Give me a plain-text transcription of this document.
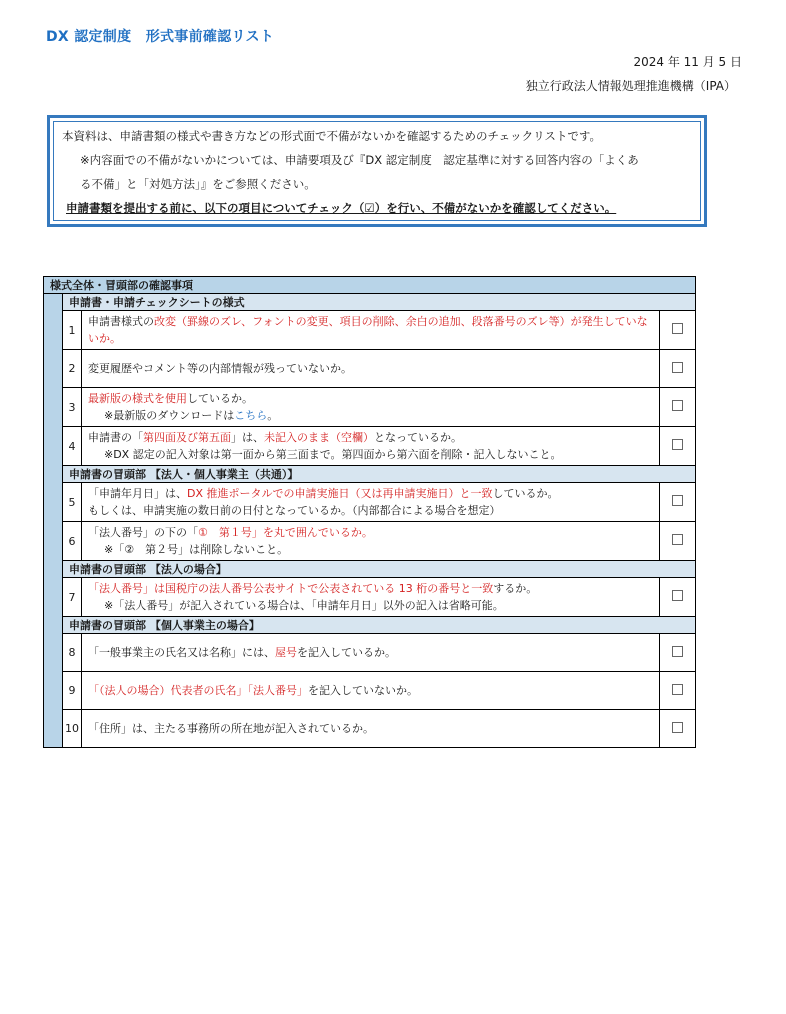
DX 認定制度　形式事前確認リスト
2024 年 11 月 5 日
独立行政法人情報処理推進機構（IPA）

本資料は、申請書類の様式や書き方などの形式面で不備がないかを確認するためのチェックリストです。

※内容面での不備がないかについては、申請要項及び『DX 認定制度　認定基準に対する回答内容の「よくあ

る不備」と「対処方法」』をご参照ください。

申請書類を提出する前に、以下の項目についてチェック（☑）を行い、不備がないかを確認してください。

様式全体・冒頭部の確認事項			
	申請書・申請チェックシートの様式		
	1	申請書様式の改変（罫線のズレ、フォントの変更、項目の削除、余白の追加、段落番号のズレ等）が発生していないか。	
	2	変更履歴やコメント等の内部情報が残っていないか。	
	3	最新版の様式を使用しているか。
※最新版のダウンロードはこちら。	

	4	申請書の「第四面及び第五面」は、未記入のまま（空欄）となっているか。
※DX 認定の記入対象は第一面から第三面まで。第四面から第六面を削除・記入しないこと。	

	申請書の冒頭部 【法人・個人事業主（共通）】		
	5	「申請年月日」は、DX 推進ポータルでの申請実施日（又は再申請実施日）と一致しているか。
もしくは、申請実施の数日前の日付となっているか。（内部都合による場合を想定）	

	6	「法人番号」の下の「①　第１号」を丸で囲んでいるか。
※「②　第２号」は削除しないこと。	

	申請書の冒頭部 【法人の場合】		
	7	「法人番号」は国税庁の法人番号公表サイトで公表されている 13 桁の番号と一致するか。
※「法人番号」が記入されている場合は、「申請年月日」以外の記入は省略可能。	

	申請書の冒頭部 【個人事業主の場合】		
	8	「一般事業主の氏名又は名称」には、屋号を記入しているか。	
	9	「（法人の場合）代表者の氏名」「法人番号」を記入していないか。	
	10	「住所」は、主たる事務所の所在地が記入されているか。	
